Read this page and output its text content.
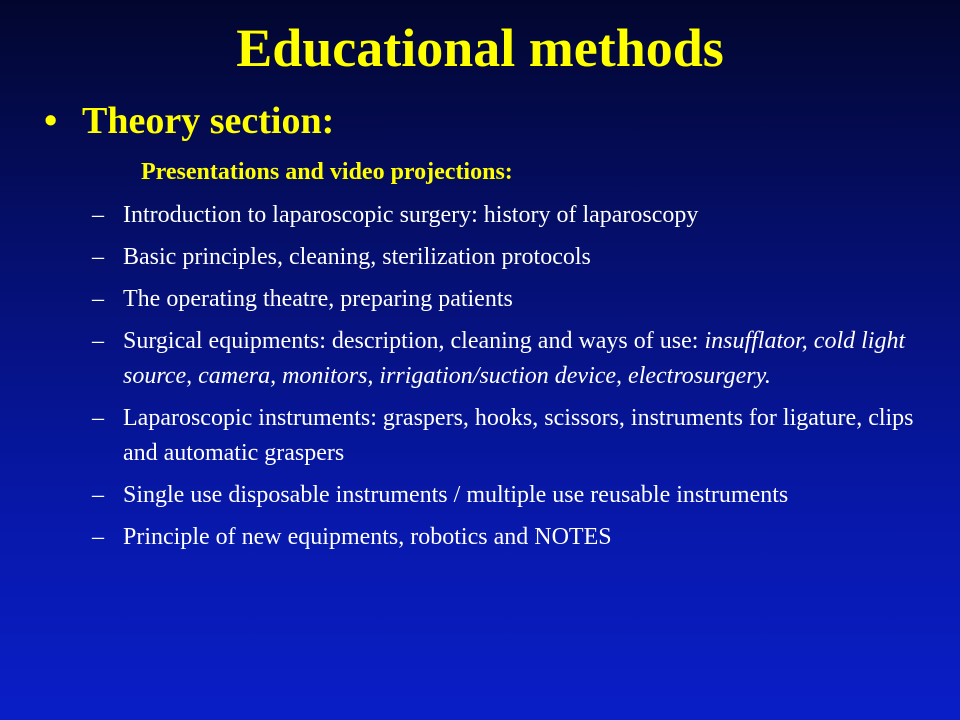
Educational methods
• Theory section:
Presentations and video projections:
– Introduction to laparoscopic surgery: history of laparoscopy
– Basic principles, cleaning, sterilization protocols
– The operating theatre, preparing patients
– Surgical equipments: description, cleaning and ways of use: insufflator, cold light source, camera, monitors, irrigation/suction device, electrosurgery.
– Laparoscopic instruments: graspers, hooks, scissors, instruments for ligature, clips and automatic graspers
– Single use disposable instruments / multiple use reusable instruments
– Principle of new equipments, robotics and NOTES
